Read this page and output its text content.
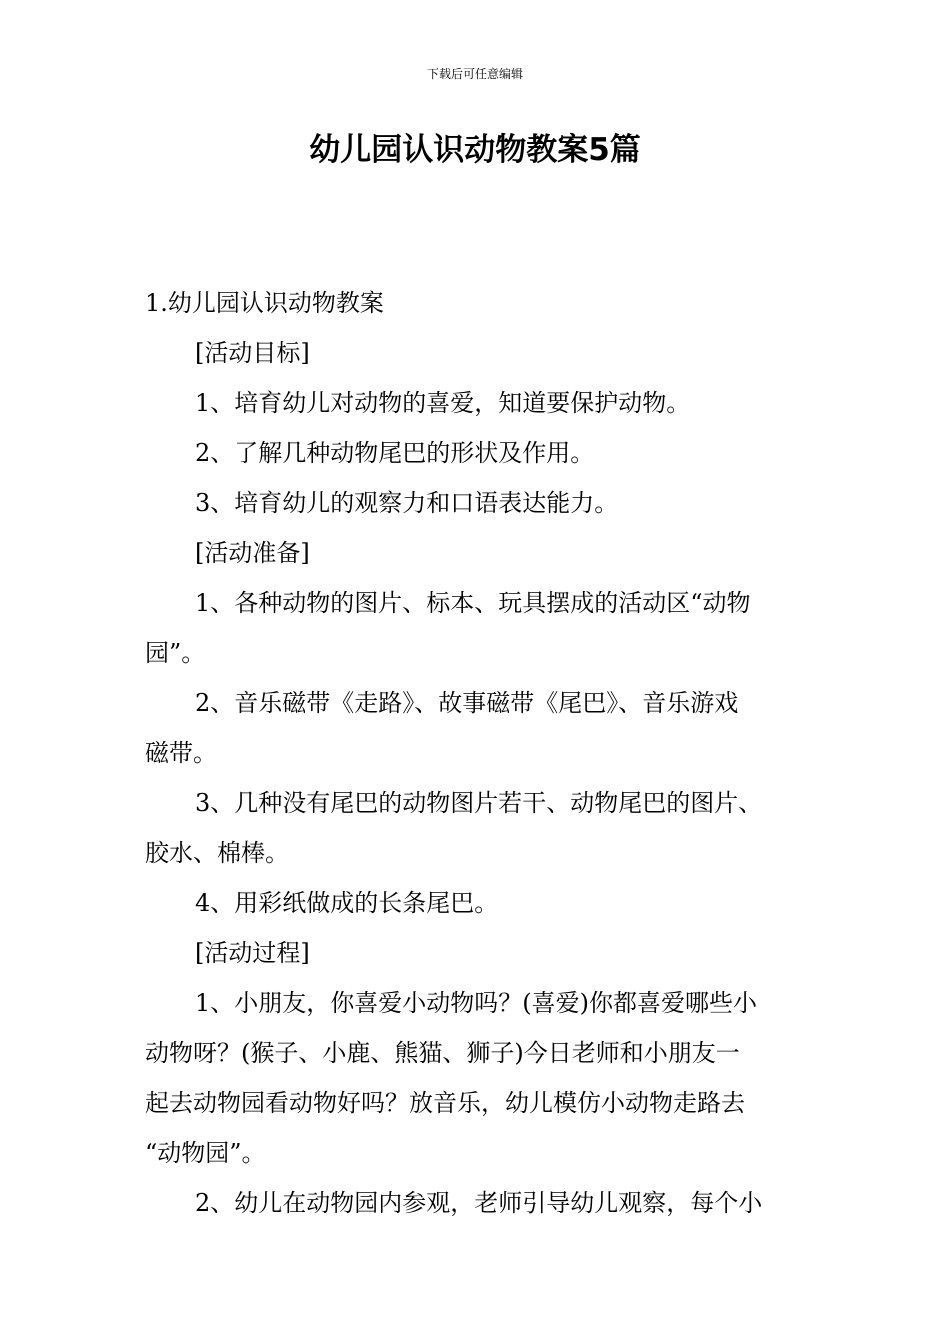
下载后可任意编辑
幼儿园认识动物教案5篇
1.幼儿园认识动物教案
[活动目标]
1、培育幼儿对动物的喜爱，知道要保护动物。
2、了解几种动物尾巴的形状及作用。
3、培育幼儿的观察力和口语表达能力。
[活动准备]
1、各种动物的图片、标本、玩具摆成的活动区“动物
园”。
2、音乐磁带《走路》、故事磁带《尾巴》、音乐游戏
磁带。
3、几种没有尾巴的动物图片若干、动物尾巴的图片、
胶水、棉棒。
4、用彩纸做成的长条尾巴。
[活动过程]
1、小朋友，你喜爱小动物吗？(喜爱)你都喜爱哪些小
动物呀？(猴子、小鹿、熊猫、狮子)今日老师和小朋友一
起去动物园看动物好吗？放音乐，幼儿模仿小动物走路去
“动物园”。
2、幼儿在动物园内参观，老师引导幼儿观察，每个小
